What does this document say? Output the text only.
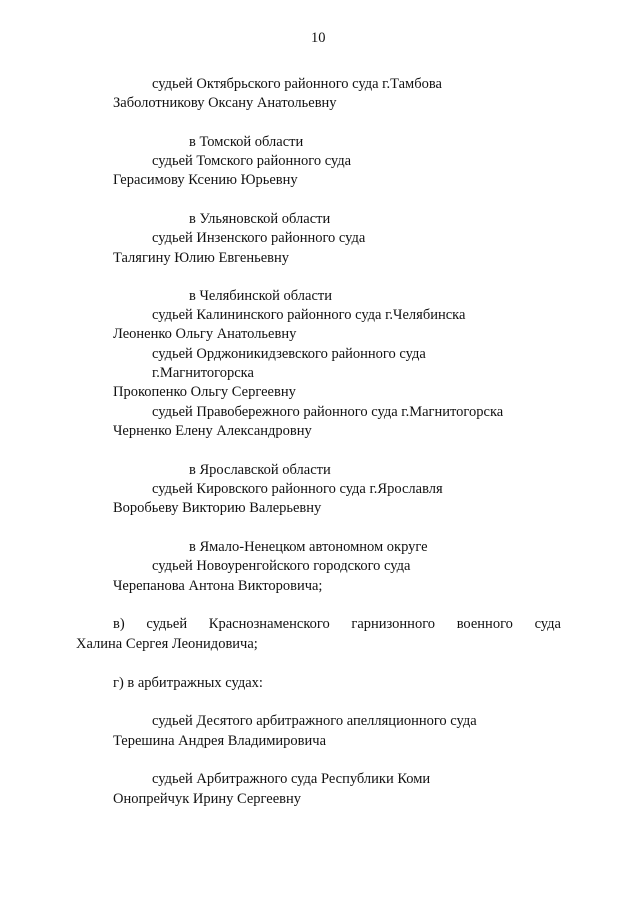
10
судьей Октябрьского районного суда г.Тамбова
Заболотникову Оксану Анатольевну
в Томской области
судьей Томского районного суда
Герасимову Ксению Юрьевну
в Ульяновской области
судьей Инзенского районного суда
Талягину Юлию Евгеньевну
в Челябинской области
судьей Калининского районного суда г.Челябинска
Леоненко Ольгу Анатольевну
судьей Орджоникидзевского районного суда
г.Магнитогорска
Прокопенко Ольгу Сергеевну
судьей Правобережного районного суда г.Магнитогорска
Черненко Елену Александровну
в Ярославской области
судьей Кировского районного суда г.Ярославля
Воробьеву Викторию Валерьевну
в Ямало-Ненецком автономном округе
судьей Новоуренгойского городского суда
Черепанова Антона Викторовича;
в) судьей Краснознаменского гарнизонного военного суда
Халина Сергея Леонидовича;
г) в арбитражных судах:
судьей Десятого арбитражного апелляционного суда
Терешина Андрея Владимировича
судьей Арбитражного суда Республики Коми
Онопрейчук Ирину Сергеевну
